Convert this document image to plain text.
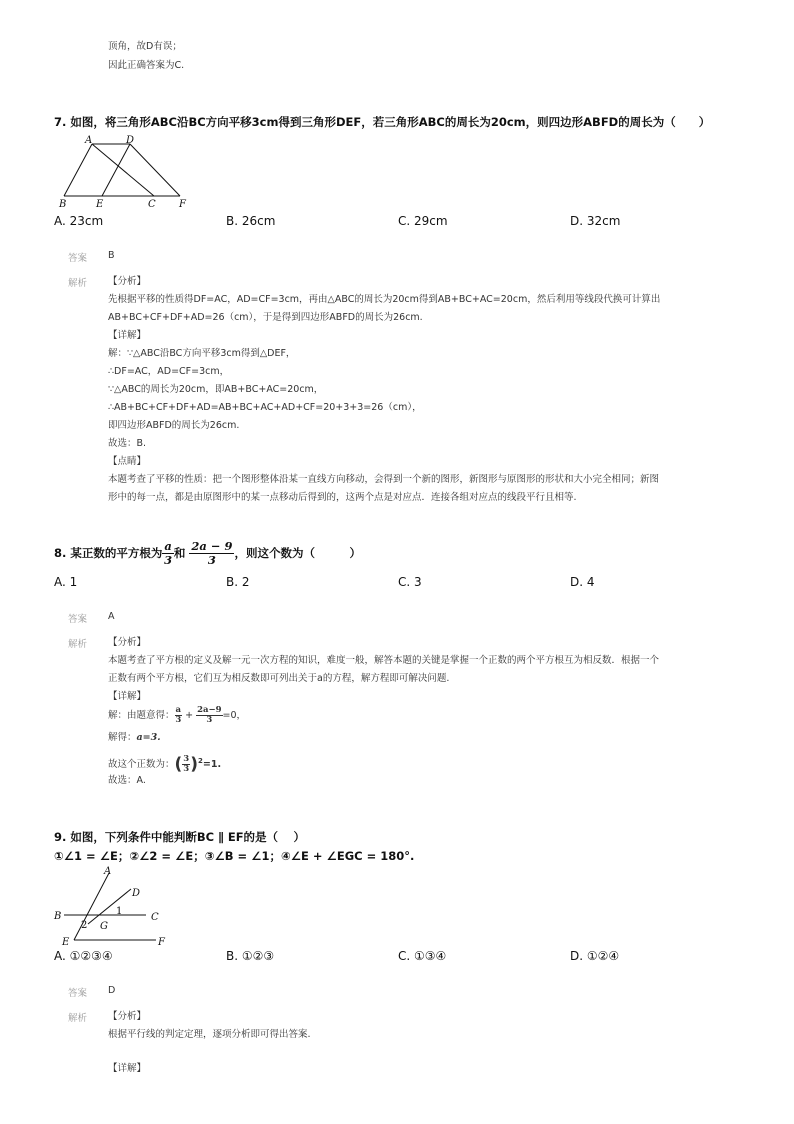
顶角，故D有误；
因此正确答案为C.
7. 如图，将三角形ABC沿BC方向平移3cm得到三角形DEF，若三角形ABC的周长为20cm，则四边形ABFD的周长为（　　）
A	D
B	E	C F
A. 23cm	B. 26cm	C. 29cm	D. 32cm
答案 B
解析 【分析】
先根据平移的性质得DF=AC，AD=CF=3cm，再由△ABC的周长为20cm得到AB+BC+AC=20cm，然后利用等线段代换可计算出
AB+BC+CF+DF+AD=26（cm），于是得到四边形ABFD的周长为26cm.
【详解】
解：∵△ABC沿BC方向平移3cm得到△DEF，
∴DF=AC，AD=CF=3cm，
∵△ABC的周长为20cm，即AB+BC+AC=20cm，
∴AB+BC+CF+DF+AD=AB+BC+AC+AD+CF=20+3+3=26（cm），
即四边形ABFD的周长为26cm.
故选：B.
【点睛】
本题考查了平移的性质：把一个图形整体沿某一直线方向移动，会得到一个新的图形，新图形与原图形的形状和大小完全相同；新图
形中的每一点，都是由原图形中的某一点移动后得到的，这两个点是对应点．连接各组对应点的线段平行且相等.
8. 某正数的平方根为 $\frac{a}{3}$ 和 $\frac{2a - 9}{3}$ ，则这个数为（　　　）
A. 1	B. 2	C. 3	D. 4
答案 A
解析 【分析】
本题考查了平方根的定义及解一元一次方程的知识，难度一般，解答本题的关键是掌握一个正数的两个平方根互为相反数．根据一个
正数有两个平方根，它们互为相反数即可列出关于a的方程，解方程即可解决问题.
【详解】
解：由题意得： $\frac{a}{3} + \frac{2a-9}{3} =0$，
解得：a=3.
故这个正数为：( $\frac{3}{3} )^2=1$.
故选：A.
9. 如图，下列条件中能判断BC ∥ EF的是（　 ）
①∠1 = ∠E；②∠2 = ∠E；③∠B = ∠1；④∠E + ∠EGC = 180°.
A
D
B	1
C
2 G
E	F
A. ①②③④	B. ①②③	C. ①③④	D. ①②④
答案 D
解析 【分析】
根据平行线的判定定理，逐项分析即可得出答案.
【详解】
